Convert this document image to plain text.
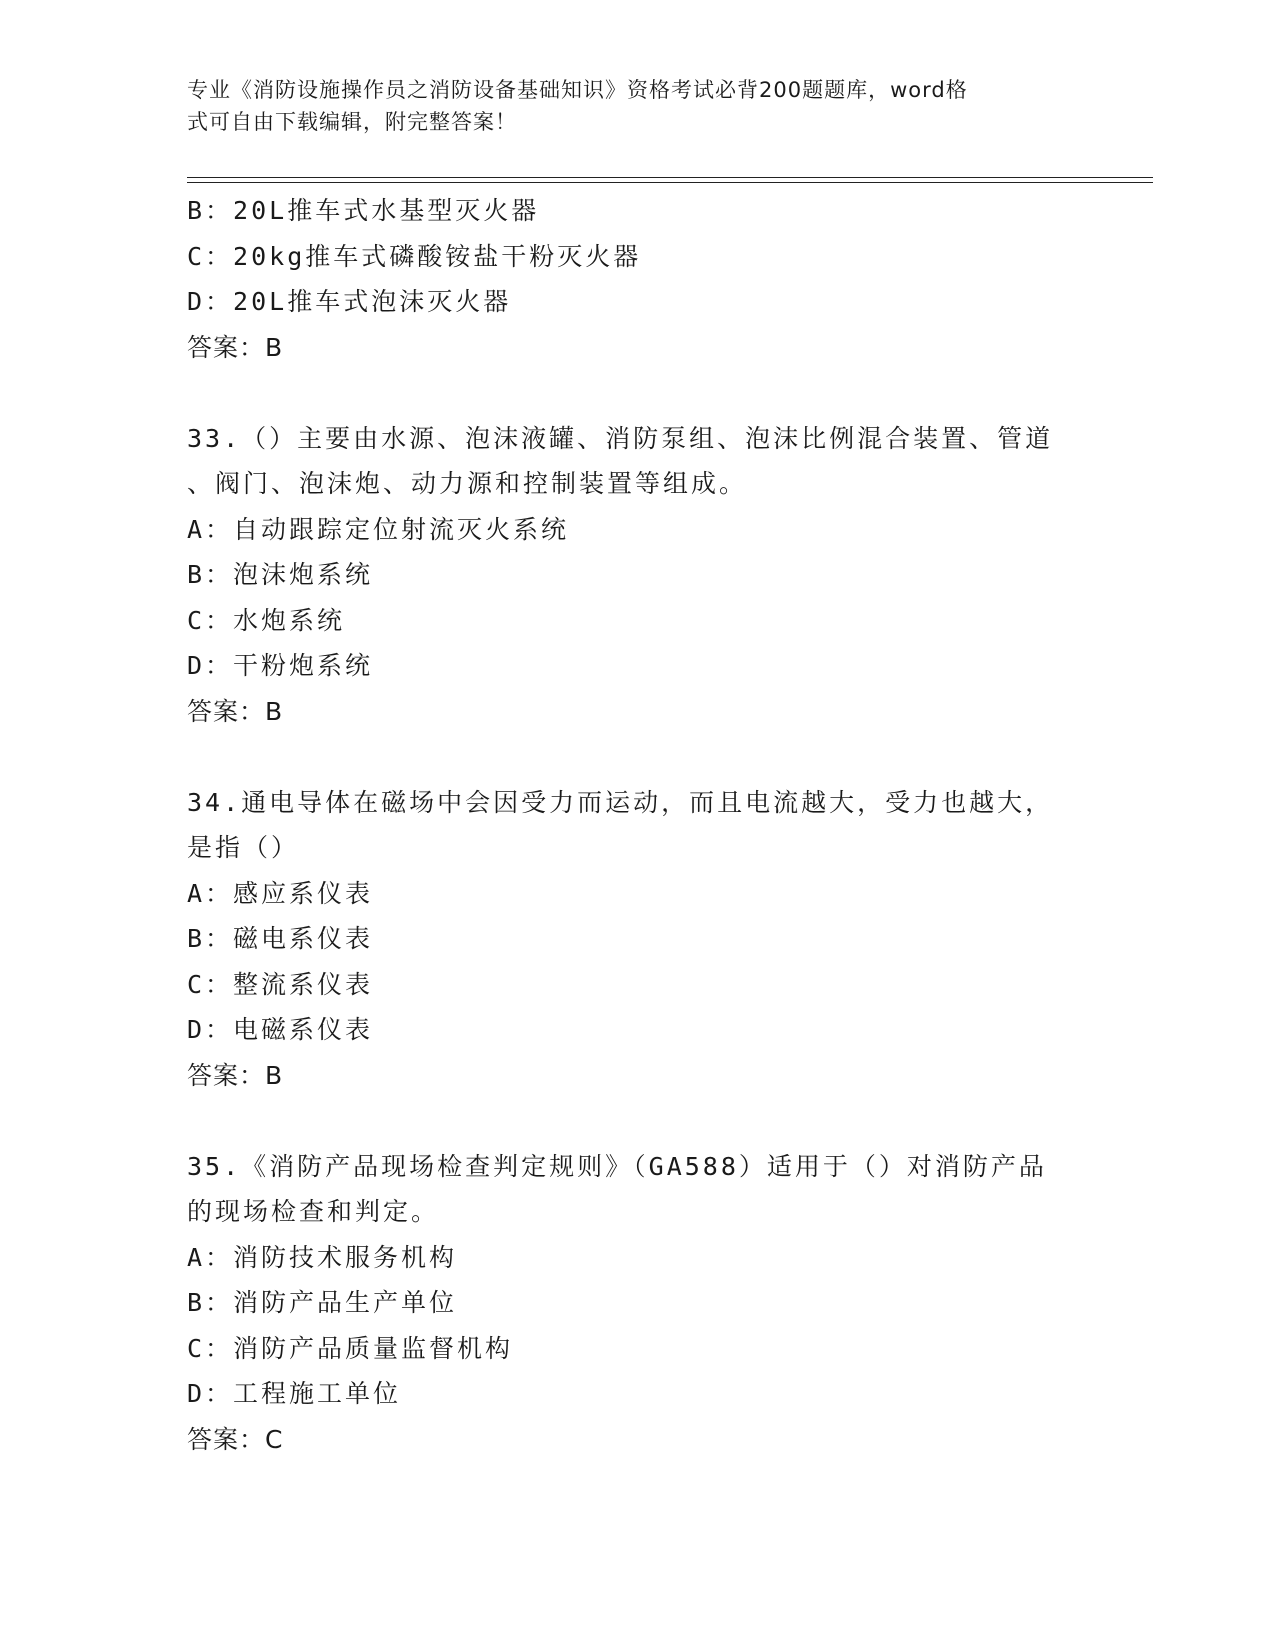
专业《消防设施操作员之消防设备基础知识》资格考试必背200题题库，word格
式可自由下载编辑，附完整答案！
B：20L推车式水基型灭火器
C：20kg推车式磷酸铵盐干粉灭火器
D：20L推车式泡沫灭火器
答案：B
33.（）主要由水源、泡沫液罐、消防泵组、泡沫比例混合装置、管道
、阀门、泡沫炮、动力源和控制装置等组成。
A：自动跟踪定位射流灭火系统
B：泡沫炮系统
C：水炮系统
D：干粉炮系统
答案：B
34.通电导体在磁场中会因受力而运动，而且电流越大，受力也越大，
是指（）
A：感应系仪表
B：磁电系仪表
C：整流系仪表
D：电磁系仪表
答案：B
35.《消防产品现场检查判定规则》（GA588）适用于（）对消防产品
的现场检查和判定。
A：消防技术服务机构
B：消防产品生产单位
C：消防产品质量监督机构
D：工程施工单位
答案：C
